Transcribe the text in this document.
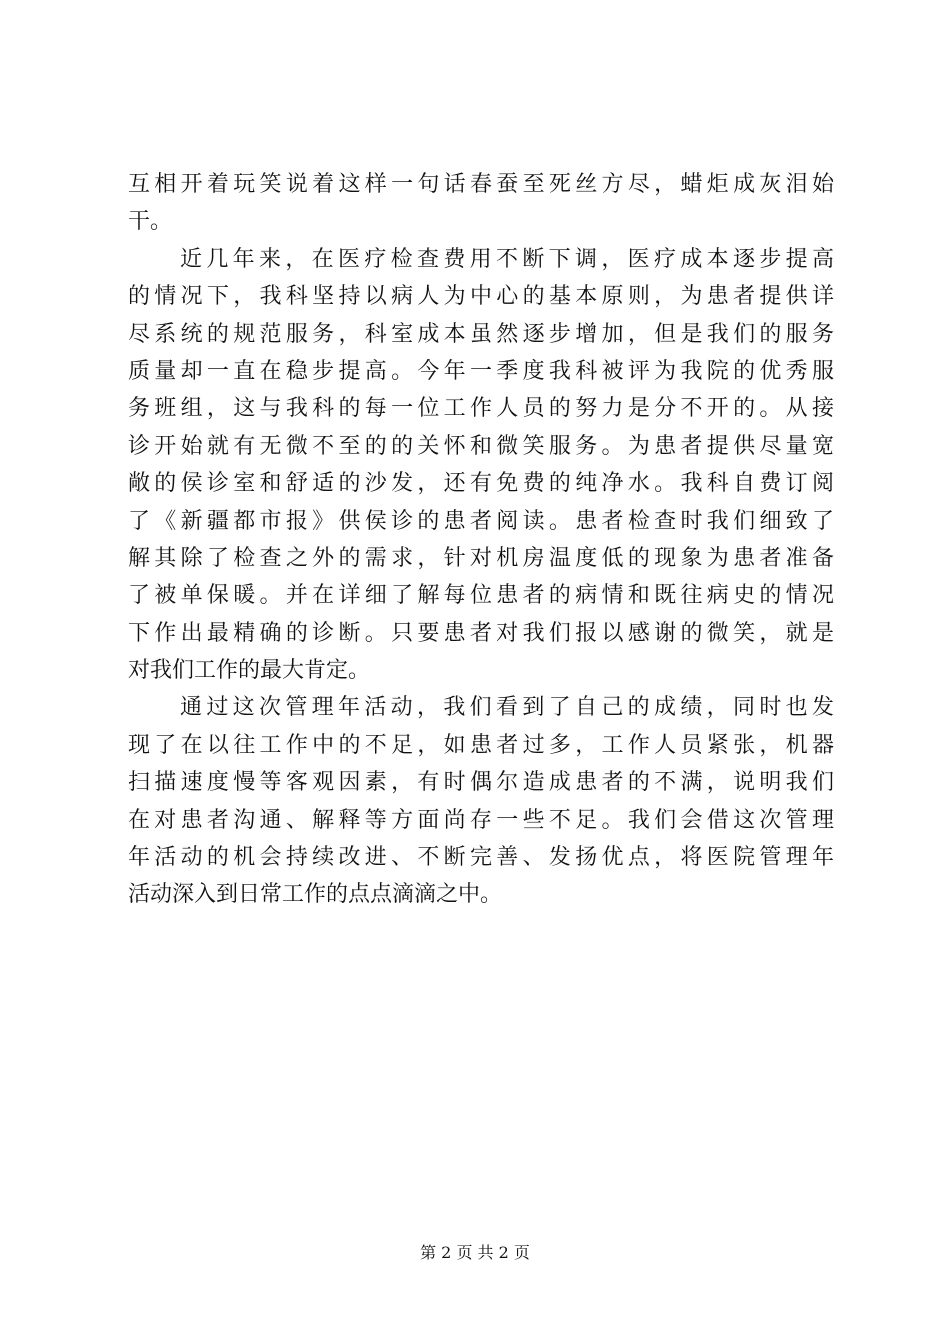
互相开着玩笑说着这样一句话春蚕至死丝方尽，蜡炬成灰泪始
干。
近几年来，在医疗检查费用不断下调，医疗成本逐步提高
的情况下，我科坚持以病人为中心的基本原则，为患者提供详
尽系统的规范服务，科室成本虽然逐步增加，但是我们的服务
质量却一直在稳步提高。今年一季度我科被评为我院的优秀服
务班组，这与我科的每一位工作人员的努力是分不开的。从接
诊开始就有无微不至的的关怀和微笑服务。为患者提供尽量宽
敞的侯诊室和舒适的沙发，还有免费的纯净水。我科自费订阅
了《新疆都市报》供侯诊的患者阅读。患者检查时我们细致了
解其除了检查之外的需求，针对机房温度低的现象为患者准备
了被单保暖。并在详细了解每位患者的病情和既往病史的情况
下作出最精确的诊断。只要患者对我们报以感谢的微笑，就是
对我们工作的最大肯定。
通过这次管理年活动，我们看到了自己的成绩，同时也发
现了在以往工作中的不足，如患者过多，工作人员紧张，机器
扫描速度慢等客观因素，有时偶尔造成患者的不满，说明我们
在对患者沟通、解释等方面尚存一些不足。我们会借这次管理
年活动的机会持续改进、不断完善、发扬优点，将医院管理年
活动深入到日常工作的点点滴滴之中。
第 2 页 共 2 页
